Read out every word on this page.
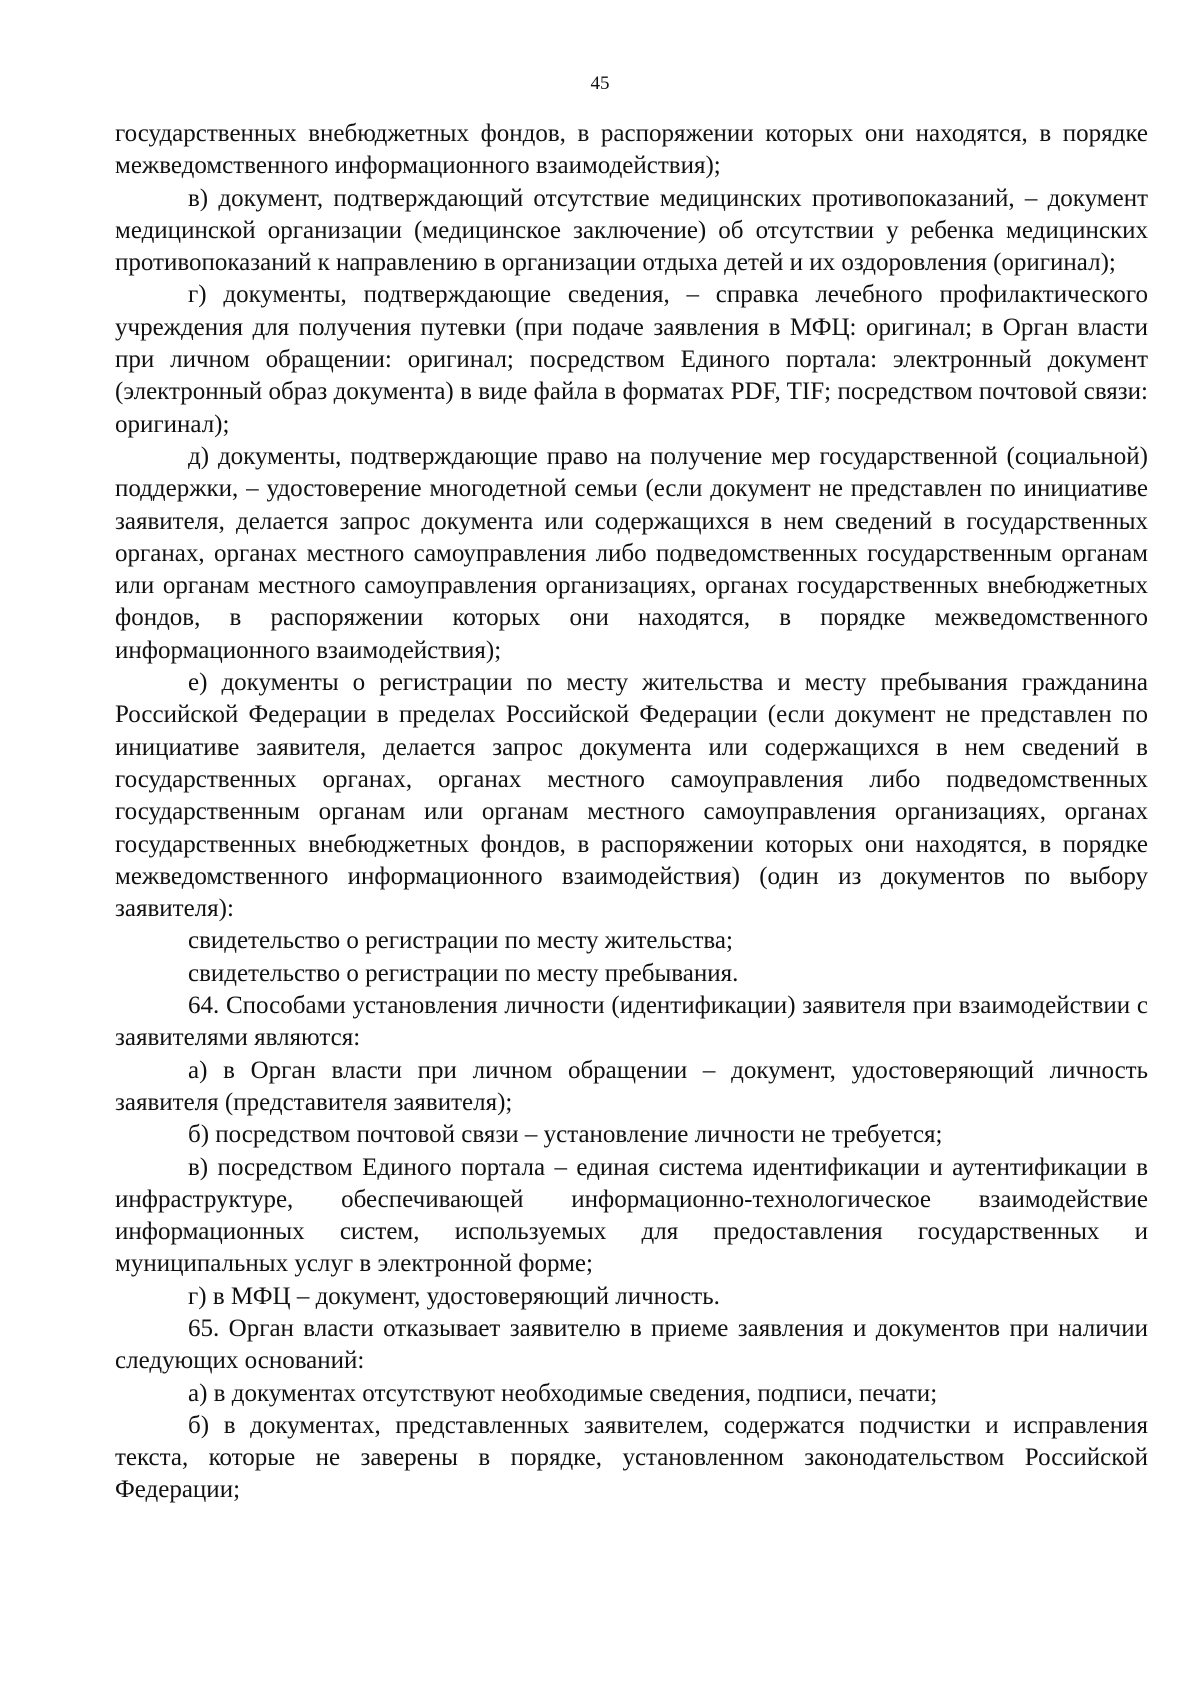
45

государственных внебюджетных фондов, в распоряжении которых они находятся, в порядке межведомственного информационного взаимодействия);

в) документ, подтверждающий отсутствие медицинских противопоказаний, – документ медицинской организации (медицинское заключение) об отсутствии у ребенка медицинских противопоказаний к направлению в организации отдыха детей и их оздоровления (оригинал);

г) документы, подтверждающие сведения, – справка лечебного профилактического учреждения для получения путевки (при подаче заявления в МФЦ: оригинал; в Орган власти при личном обращении: оригинал; посредством Единого портала: электронный документ (электронный образ документа) в виде файла в форматах PDF, TIF; посредством почтовой связи: оригинал);

д) документы, подтверждающие право на получение мер государственной (социальной) поддержки, – удостоверение многодетной семьи (если документ не представлен по инициативе заявителя, делается запрос документа или содержащихся в нем сведений в государственных органах, органах местного самоуправления либо подведомственных государственным органам или органам местного самоуправления организациях, органах государственных внебюджетных фондов, в распоряжении которых они находятся, в порядке межведомственного информационного взаимодействия);

е) документы о регистрации по месту жительства и месту пребывания гражданина Российской Федерации в пределах Российской Федерации (если документ не представлен по инициативе заявителя, делается запрос документа или содержащихся в нем сведений в государственных органах, органах местного самоуправления либо подведомственных государственным органам или органам местного самоуправления организациях, органах государственных внебюджетных фондов, в распоряжении которых они находятся, в порядке межведомственного информационного взаимодействия) (один из документов по выбору заявителя):

свидетельство о регистрации по месту жительства;

свидетельство о регистрации по месту пребывания.

64. Способами установления личности (идентификации) заявителя при взаимодействии с заявителями являются:

а) в Орган власти при личном обращении – документ, удостоверяющий личность заявителя (представителя заявителя);

б) посредством почтовой связи – установление личности не требуется;

в) посредством Единого портала – единая система идентификации и аутентификации в инфраструктуре, обеспечивающей информационно-технологическое взаимодействие информационных систем, используемых для предоставления государственных и муниципальных услуг в электронной форме;

г) в МФЦ – документ, удостоверяющий личность.

65. Орган власти отказывает заявителю в приеме заявления и документов при наличии следующих оснований:

а) в документах отсутствуют необходимые сведения, подписи, печати;

б) в документах, представленных заявителем, содержатся подчистки и исправления текста, которые не заверены в порядке, установленном законодательством Российской Федерации;
